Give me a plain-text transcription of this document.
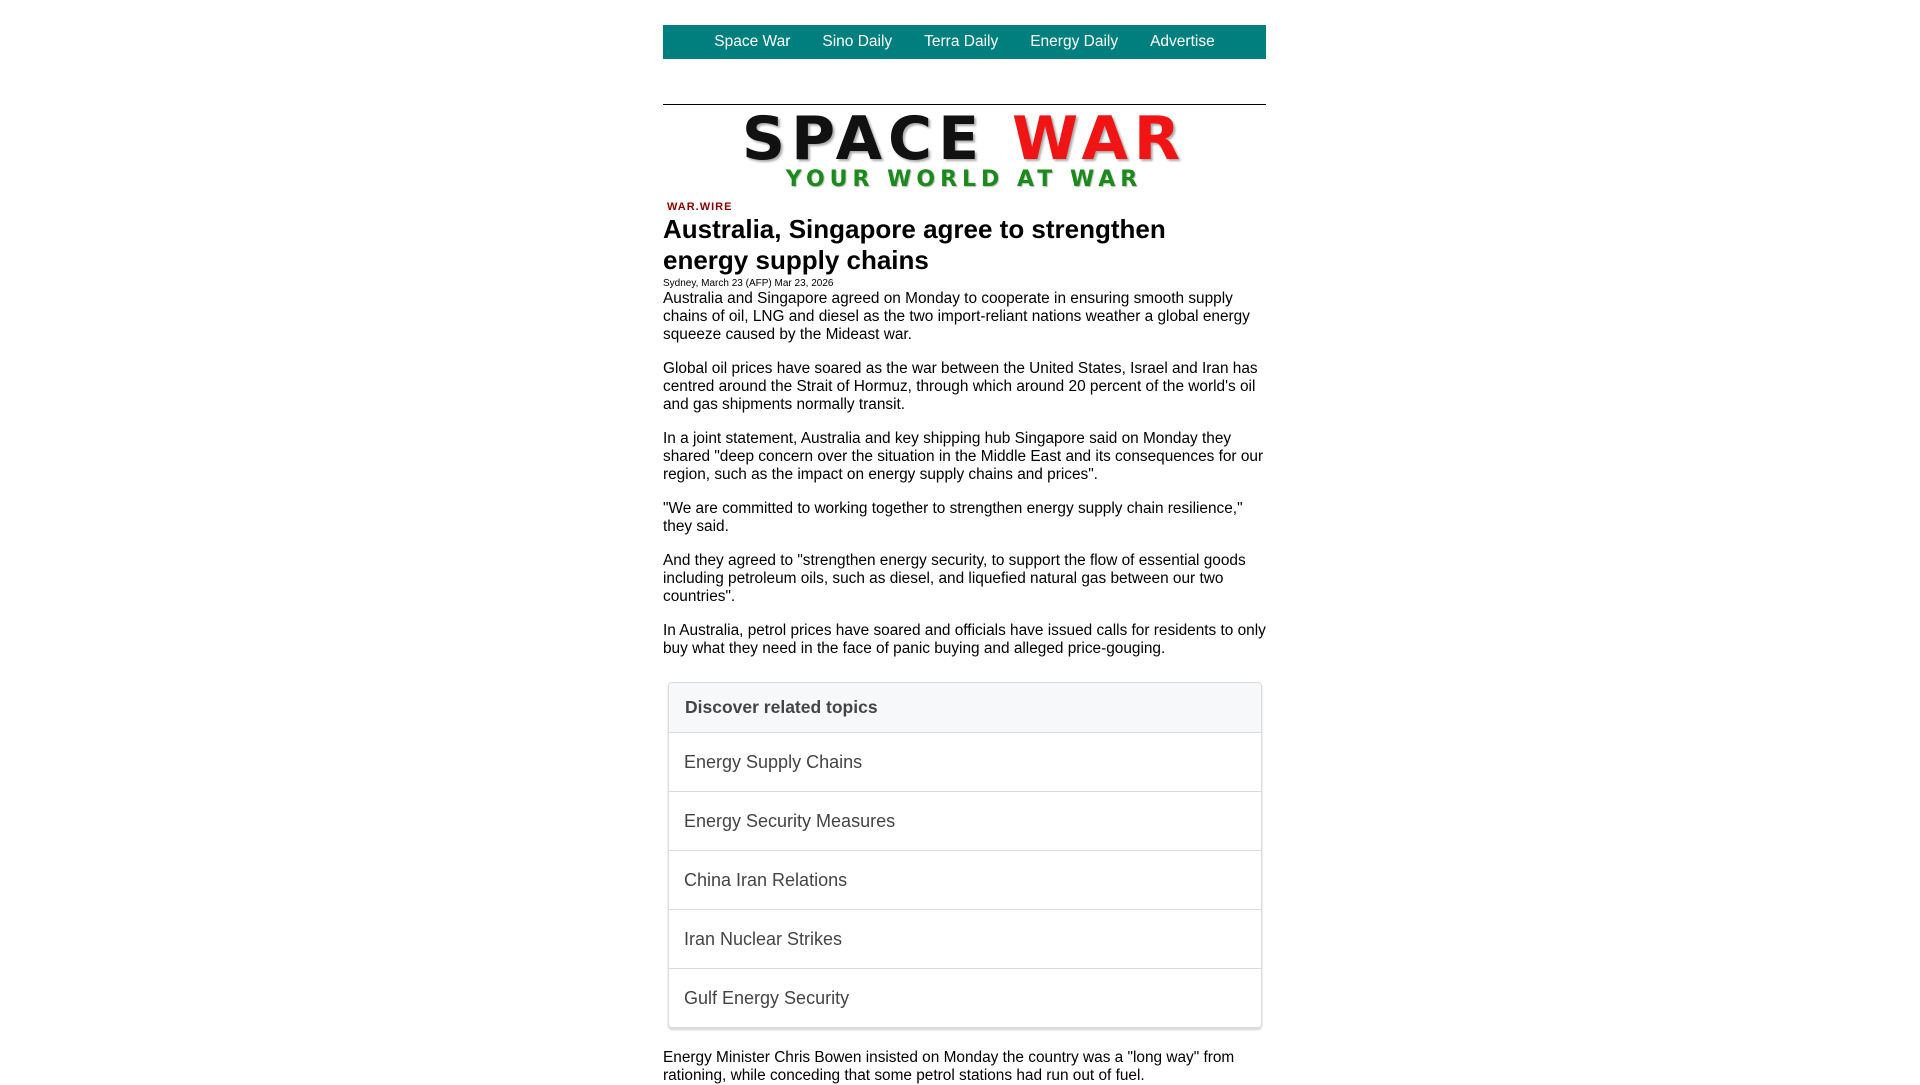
Space War	Sino Daily	Terra Daily	Energy Daily	Advertise
SPACE WAR
YOUR WORLD AT WAR
WAR.WIRE
Australia, Singapore agree to strengthen energy supply chains
Sydney, March 23 (AFP) Mar 23, 2026

Australia and Singapore agreed on Monday to cooperate in ensuring smooth supply chains of oil, LNG and diesel as the two import-reliant nations weather a global energy squeeze caused by the Mideast war.

Global oil prices have soared as the war between the United States, Israel and Iran has centred around the Strait of Hormuz, through which around 20 percent of the world's oil and gas shipments normally transit.

In a joint statement, Australia and key shipping hub Singapore said on Monday they shared "deep concern over the situation in the Middle East and its consequences for our region, such as the impact on energy supply chains and prices".

"We are committed to working together to strengthen energy supply chain resilience," they said.

And they agreed to "strengthen energy security, to support the flow of essential goods including petroleum oils, such as diesel, and liquefied natural gas between our two countries".

In Australia, petrol prices have soared and officials have issued calls for residents to only buy what they need in the face of panic buying and alleged price-gouging.

Discover related topics
Energy Supply Chains
Energy Security Measures
China Iran Relations
Iran Nuclear Strikes
Gulf Energy Security

Energy Minister Chris Bowen insisted on Monday the country was a "long way" from rationing, while conceding that some petrol stations had run out of fuel.
